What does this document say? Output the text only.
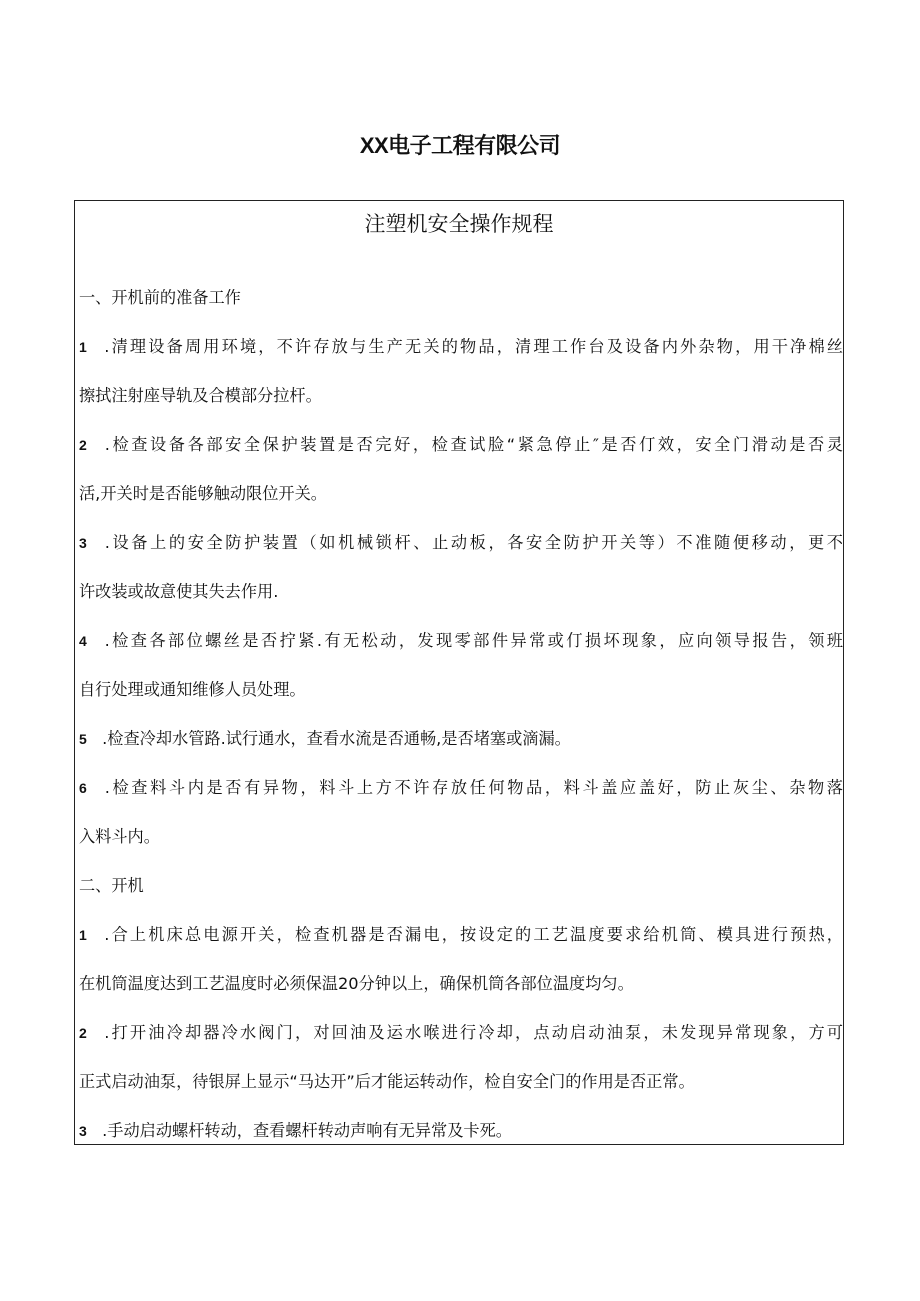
XX电子工程有限公司
注塑机安全操作规程
一、开机前的准备工作
1 .清理设备周用环境，不许存放与生产无关的物品，清理工作台及设备内外杂物，用干净棉丝
擦拭注射座导轨及合模部分拉杆。
2 .检查设备各部安全保护装置是否完好，检查试脸“紧急停止″是否仃效，安全门滑动是否灵
活,开关时是否能够触动限位开关。
3 .设备上的安全防护装置（如机械锁杆、止动板，各安全防护开关等）不准随便移动，更不
许改装或故意使其失去作用.
4 .检查各部位螺丝是否拧紧.有无松动，发现零部件异常或仃损坏现象，应向领导报告，领班
自行处理或通知维修人员处理。
5 .检查冷却水管路.试行通水，查看水流是否通畅,是否堵塞或滴漏。
6 .检查料斗内是否有异物，料斗上方不许存放任何物品，料斗盖应盖好，防止灰尘、杂物落
入料斗内。
二、开机
1 .合上机床总电源开关，检查机器是否漏电，按设定的工艺温度要求给机筒、模具进行预热，
在机筒温度达到工艺温度时必须保温20分钟以上，确保机筒各部位温度均匀。
2 .打开油冷却器冷水阀门，对回油及运水喉进行冷却，点动启动油泵，未发现异常现象，方可
正式启动油泵，待银屏上显示“马达开”后才能运转动作，检自安全门的作用是否正常。
3 .手动启动螺杆转动，查看螺杆转动声响有无异常及卡死。
